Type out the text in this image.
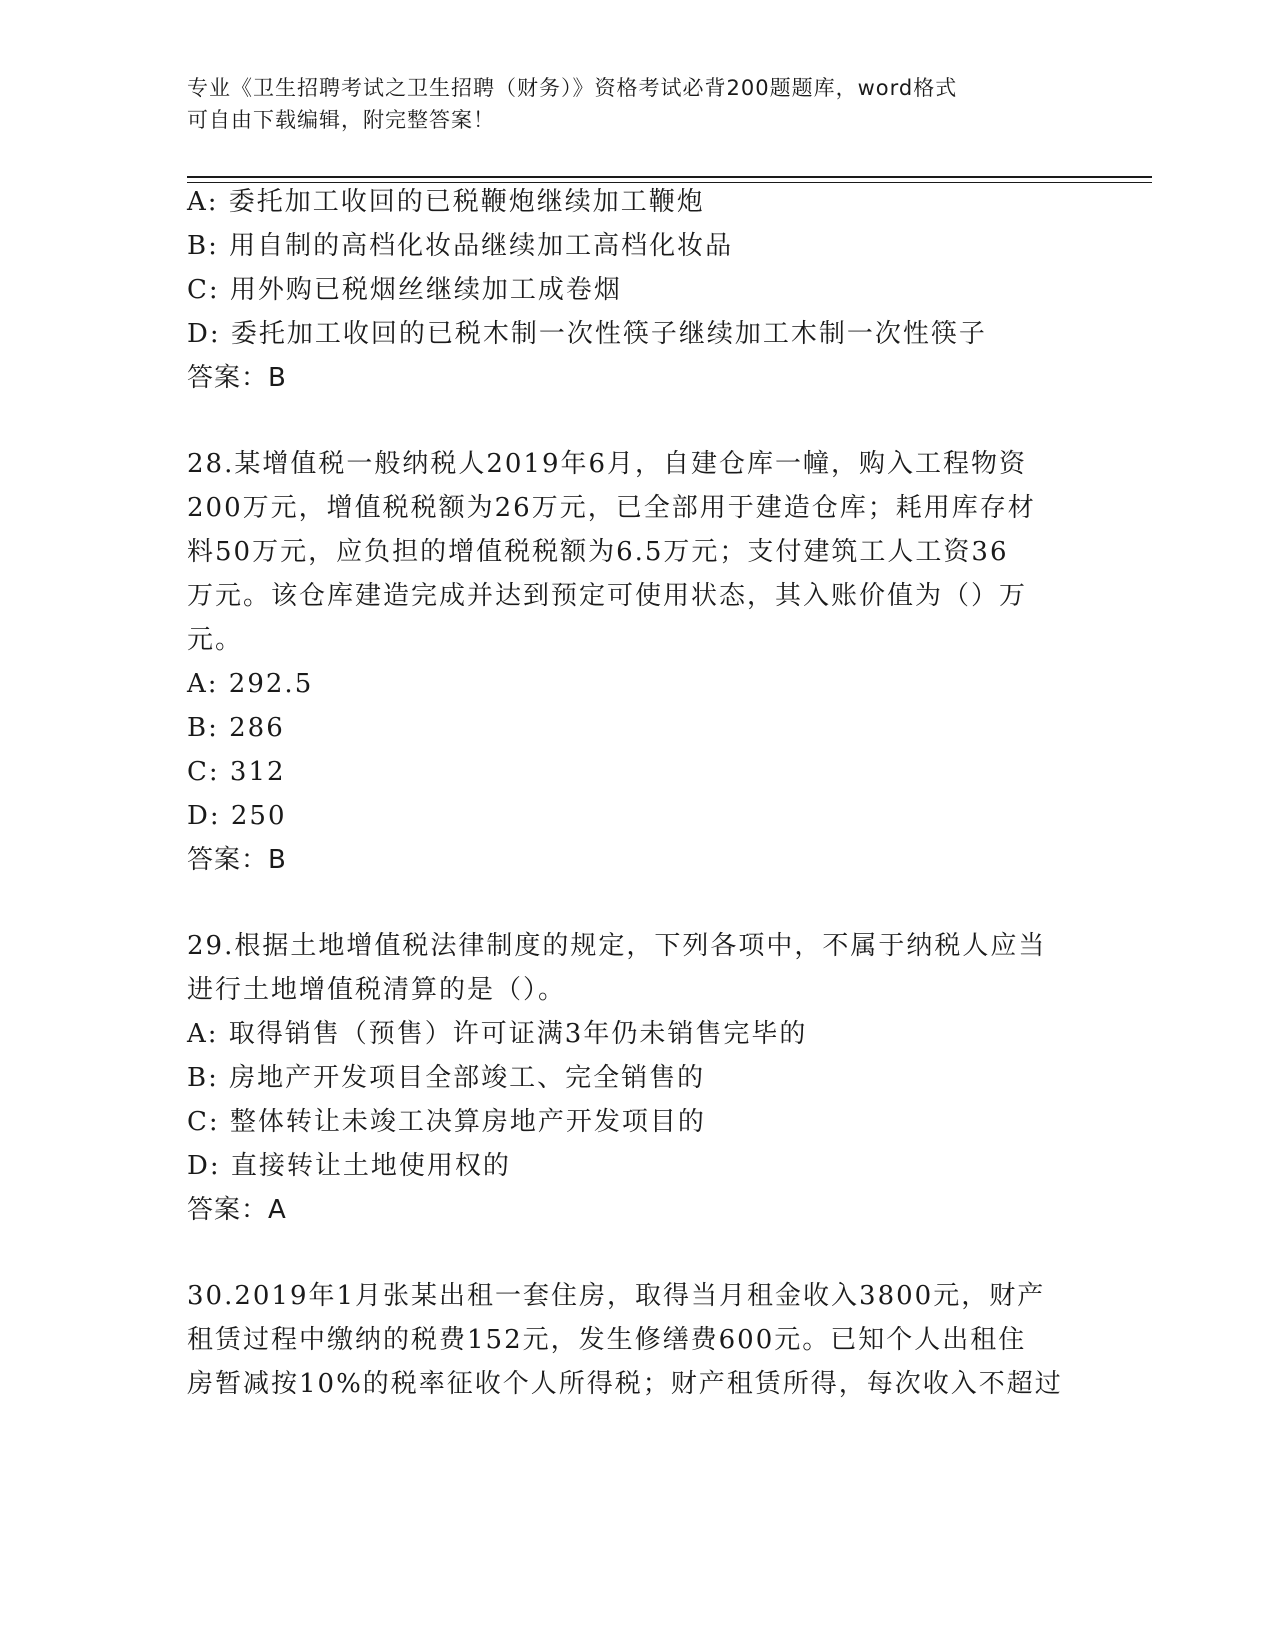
专业《卫生招聘考试之卫生招聘（财务）》资格考试必背200题题库，word格式
可自由下载编辑，附完整答案！
A: 委托加工收回的已税鞭炮继续加工鞭炮
B: 用自制的高档化妆品继续加工高档化妆品
C: 用外购已税烟丝继续加工成卷烟
D: 委托加工收回的已税木制一次性筷子继续加工木制一次性筷子
答案：B
28.某增值税一般纳税人2019年6月，自建仓库一幢，购入工程物资
200万元，增值税税额为26万元，已全部用于建造仓库；耗用库存材
料50万元，应负担的增值税税额为6.5万元；支付建筑工人工资36
万元。该仓库建造完成并达到预定可使用状态，其入账价值为（）万
元。
A: 292.5
B: 286
C: 312
D: 250
答案：B
29.根据土地增值税法律制度的规定，下列各项中，不属于纳税人应当
进行土地增值税清算的是（）。
A: 取得销售（预售）许可证满3年仍未销售完毕的
B: 房地产开发项目全部竣工、完全销售的
C: 整体转让未竣工决算房地产开发项目的
D: 直接转让土地使用权的
答案：A
30.2019年1月张某出租一套住房，取得当月租金收入3800元，财产
租赁过程中缴纳的税费152元，发生修缮费600元。已知个人出租住
房暂减按10%的税率征收个人所得税；财产租赁所得，每次收入不超过
